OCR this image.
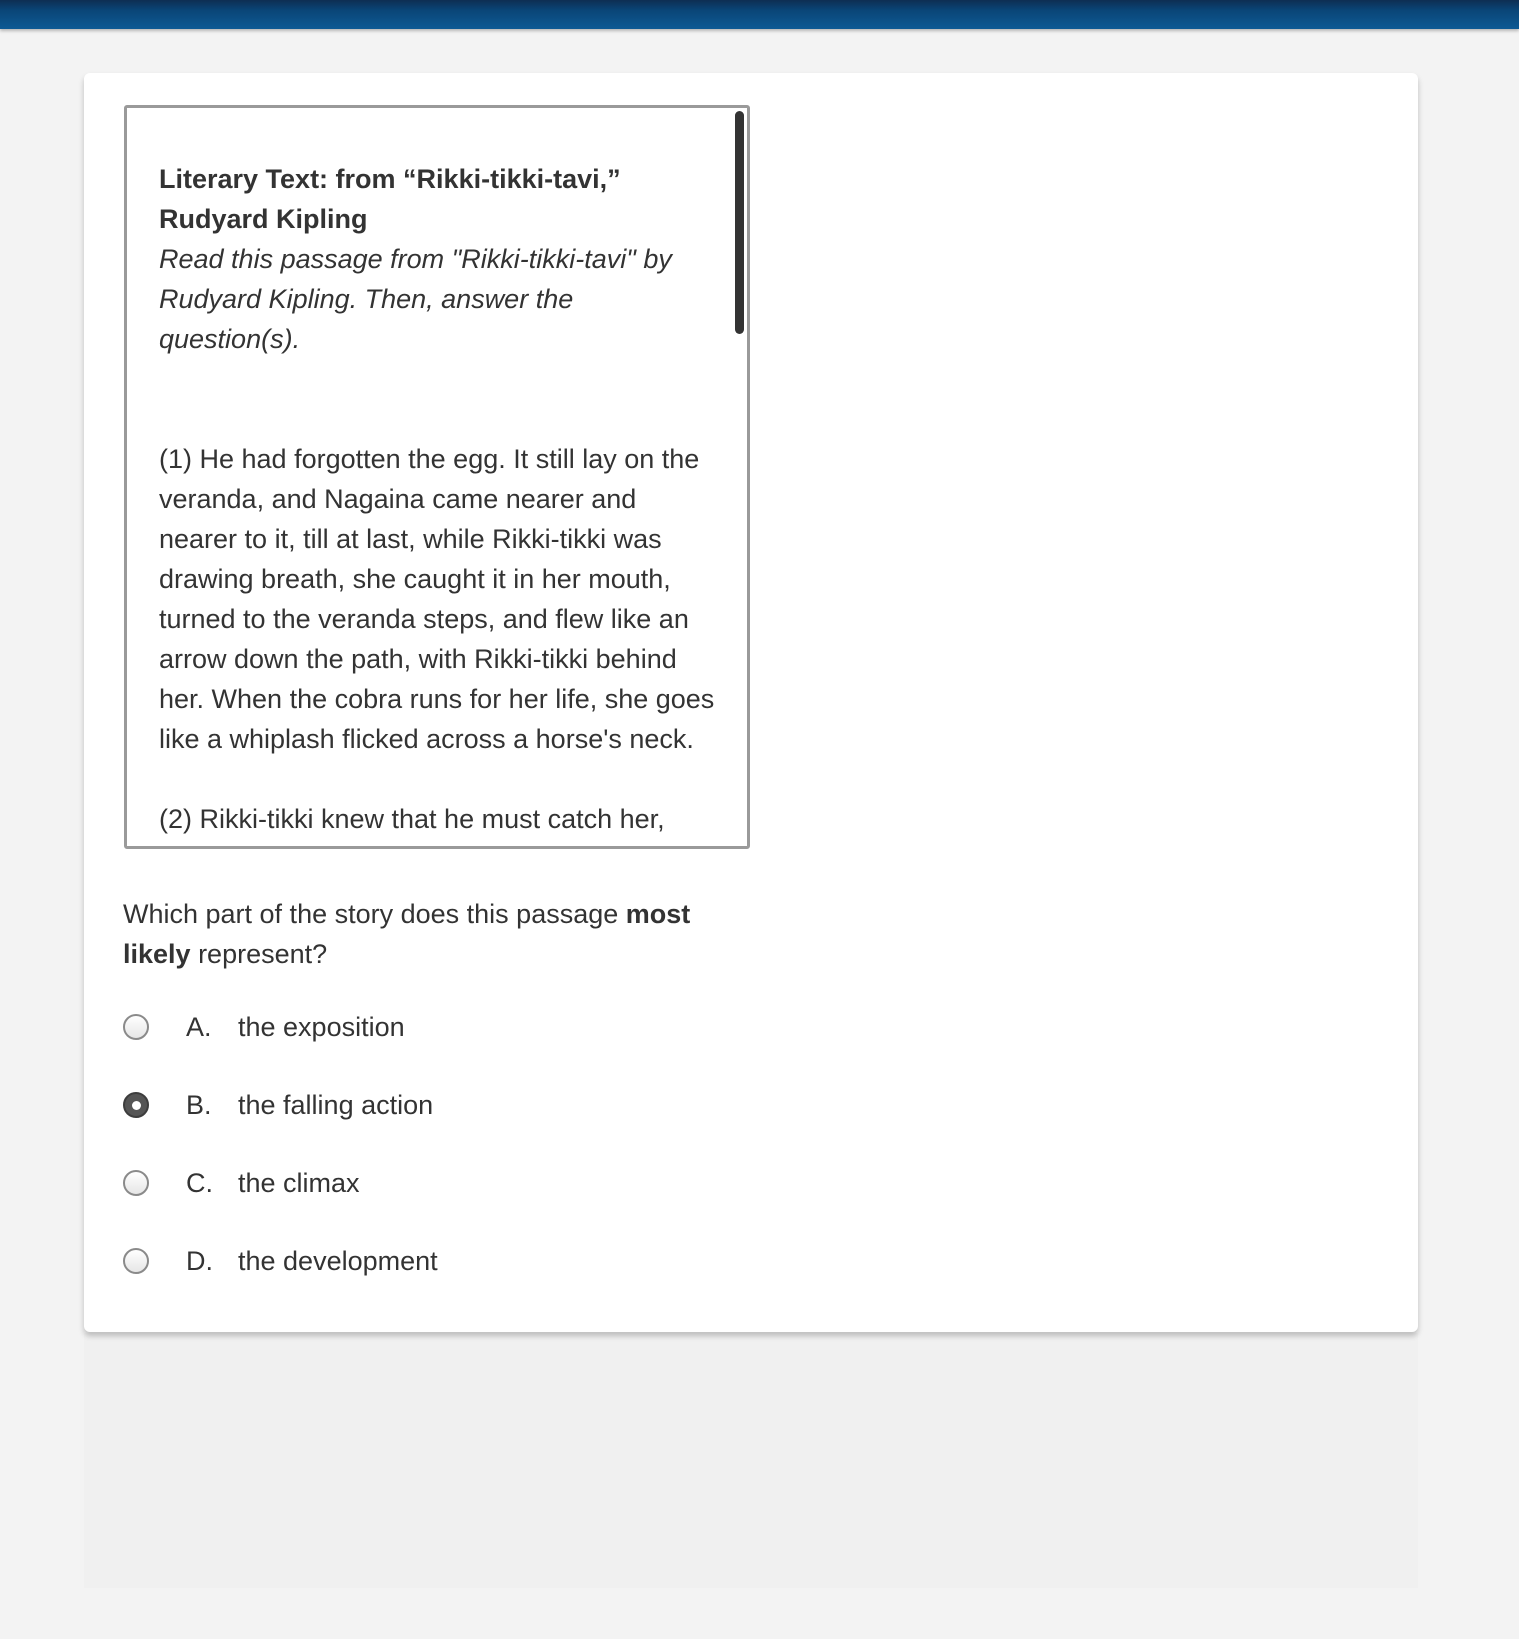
Literary Text: from “Rikki-tikki-tavi,” Rudyard Kipling

Read this passage from "Rikki-tikki-tavi" by Rudyard Kipling. Then, answer the question(s).

(1) He had forgotten the egg. It still lay on the veranda, and Nagaina came nearer and nearer to it, till at last, while Rikki-tikki was drawing breath, she caught it in her mouth, turned to the veranda steps, and flew like an arrow down the path, with Rikki-tikki behind her. When the cobra runs for her life, she goes like a whiplash flicked across a horse's neck.

(2) Rikki-tikki knew that he must catch her,

Which part of the story does this passage most likely represent?

A. the exposition
B. the falling action
C. the climax
D. the development
